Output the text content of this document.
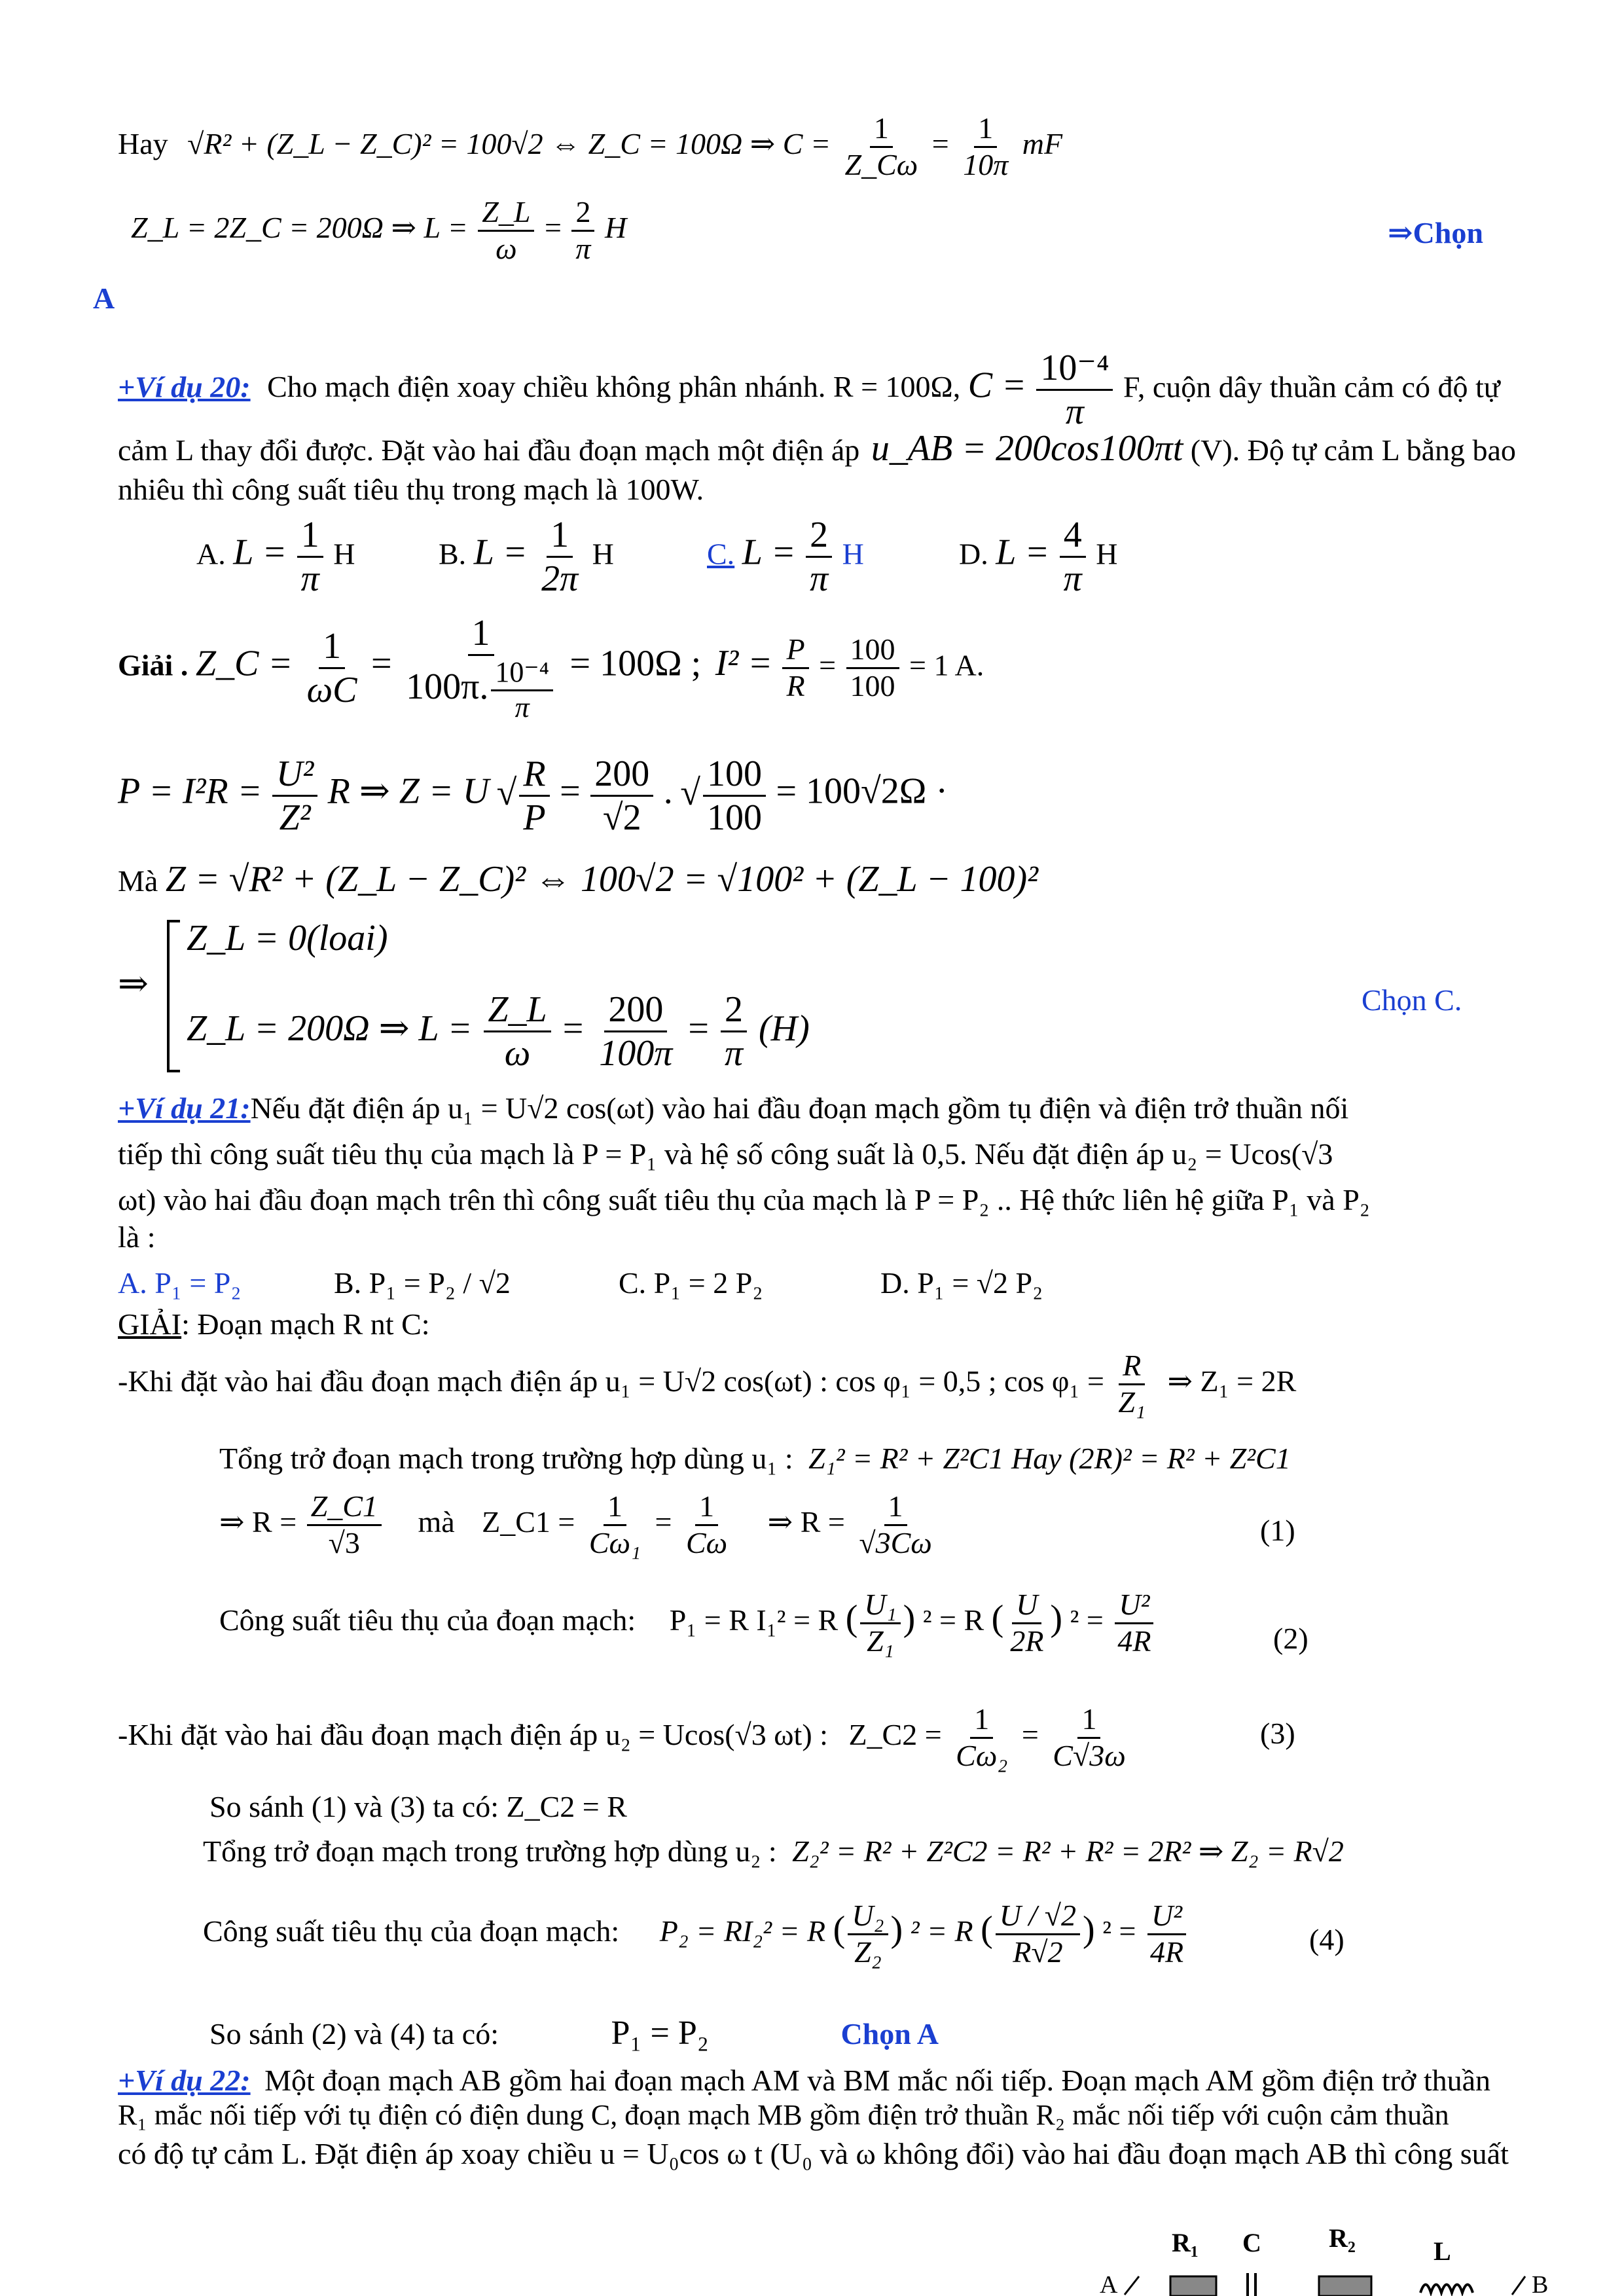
Hay √R² + (Z_L − Z_C)² = 100√2 ⇔ Z_C = 100Ω ⇒ $C = \frac{1}{Z\_C\omega} = \frac{1}{10\pi}$ mF
Z_L = 2Z_C = 200Ω ⇒ $L = \frac{Z\_L}{\omega} = \frac{2}{\pi}$ H	⇒Chọn
A
+Ví dụ 20: Cho mạch điện xoay chiều không phân nhánh. R = 100Ω, $C = \frac{\text{10⁻⁴}}{\pi} F$, cuộn dây thuần cảm có độ tự
cảm L thay đổi được. Đặt vào hai đầu đoạn mạch một điện áp u_AB = 200cos100πt (V). Độ tự cảm L bằng bao
nhiêu thì công suất tiêu thụ trong mạch là 100W.
A. $L = \frac{1}{\pi}$ H	B. $L = \frac{1}{2\pi}$ H	C. $L = \frac{2}{\pi}$ H	D. $L = \frac{4}{\pi}$ H
Giải . Z_C = $\frac{1}{\omega C} = \frac{1}{100\pi. \frac{\text{10⁻⁴}}{\pi}} = 100\Omega$ ; $I^2 = \frac{P}{R} = \frac{100}{100} = 1$ A.
$P = I^2R = \frac{\text{U²}}{\text{Z²}}$ R ⇒ Z = U √ $\frac{R}{P} = \frac{200}{√2}$ . √ $\frac{100}{100} = 100√2\Omega$ ·
Mà Z = √R² + (Z_L − Z_C)² ⇔ 100√2 = √100² + (Z_L − 100)²
⇒
Z_L = 0(loai)
Z_L = 200Ω ⇒ $L = \frac{Z\_L}{\omega} = \frac{200}{100\pi} = \frac{2}{\pi} (H)$
Chọn C.
+Ví dụ 21:Nếu đặt điện áp u₁ = U√2 cos(ωt) vào hai đầu đoạn mạch gồm tụ điện và điện trở thuần nối
tiếp thì công suất tiêu thụ của mạch là P = P₁ và hệ số công suất là 0,5. Nếu đặt điện áp u₂ = Ucos(√3
ωt) vào hai đầu đoạn mạch trên thì công suất tiêu thụ của mạch là P = P₂ .. Hệ thức liên hệ giữa P₁ và P₂
là :
A. P₁ = P₂	B. P₁ = P₂ / √2	C. P₁ = 2 P₂	D. P₁ = √2 P₂
GIẢI: Đoạn mạch R nt C:
-Khi đặt vào hai đầu đoạn mạch điện áp u₁ = U√2 cos(ωt) : cos φ₁ = 0,5 ; $\cos \varphi_1 = \frac{R}{\text{Z₁}}$ ⇒ Z₁ = 2R
Tổng trở đoạn mạch trong trường hợp dùng u₁ : Z₁² = R² + Z²C1 Hay (2R)² = R² + Z²C1
⇒ $R = \frac{Z\_C1}{√3}$ mà Z_C1 = $\frac{1}{\text{Cω₁}} = \frac{1}{C\omega}$ ⇒ $R = \frac{1}{√3C\omega}$	(1)
Công suất tiêu thụ của đoạn mạch: P₁ = R I₁² = R ( $\frac{\text{U₁}}{\text{Z₁}}$ ) ² = R ( $\frac{U}{2R}$ ) $^2 = \frac{\text{U²}}{4R}$	(2)
-Khi đặt vào hai đầu đoạn mạch điện áp u₂ = Ucos(√3 ωt) : Z_C2 = $\frac{1}{\text{Cω₂}} = \frac{1}{C√3\omega}$	(3)
So sánh (1) và (3) ta có: Z_C2 = R
Tổng trở đoạn mạch trong trường hợp dùng u₂ : Z₂² = R² + Z²C2 = R² + R² = 2R² ⇒ Z₂ = R√2
Công suất tiêu thụ của đoạn mạch: P₂ = RI₂² = R ( $\frac{\text{U₂}}{\text{Z₂}}$ ) ² = R ( $\frac{U / √2}{R√2}$ ) $^2 = \frac{\text{U²}}{4R}$	(4)
So sánh (2) và (4) ta có:	P₁ = P₂	Chọn A
+Ví dụ 22: Một đoạn mạch AB gồm hai đoạn mạch AM và BM mắc nối tiếp. Đoạn mạch AM gồm điện trở thuần
R₁ mắc nối tiếp với tụ điện có điện dung C, đoạn mạch MB gồm điện trở thuần R₂ mắc nối tiếp với cuộn cảm thuần
có độ tự cảm L. Đặt điện áp xoay chiều u = U₀cos ω t (U₀ và ω không đổi) vào hai đầu đoạn mạch AB thì công suất
A
R₁ C	R₂	L
B
